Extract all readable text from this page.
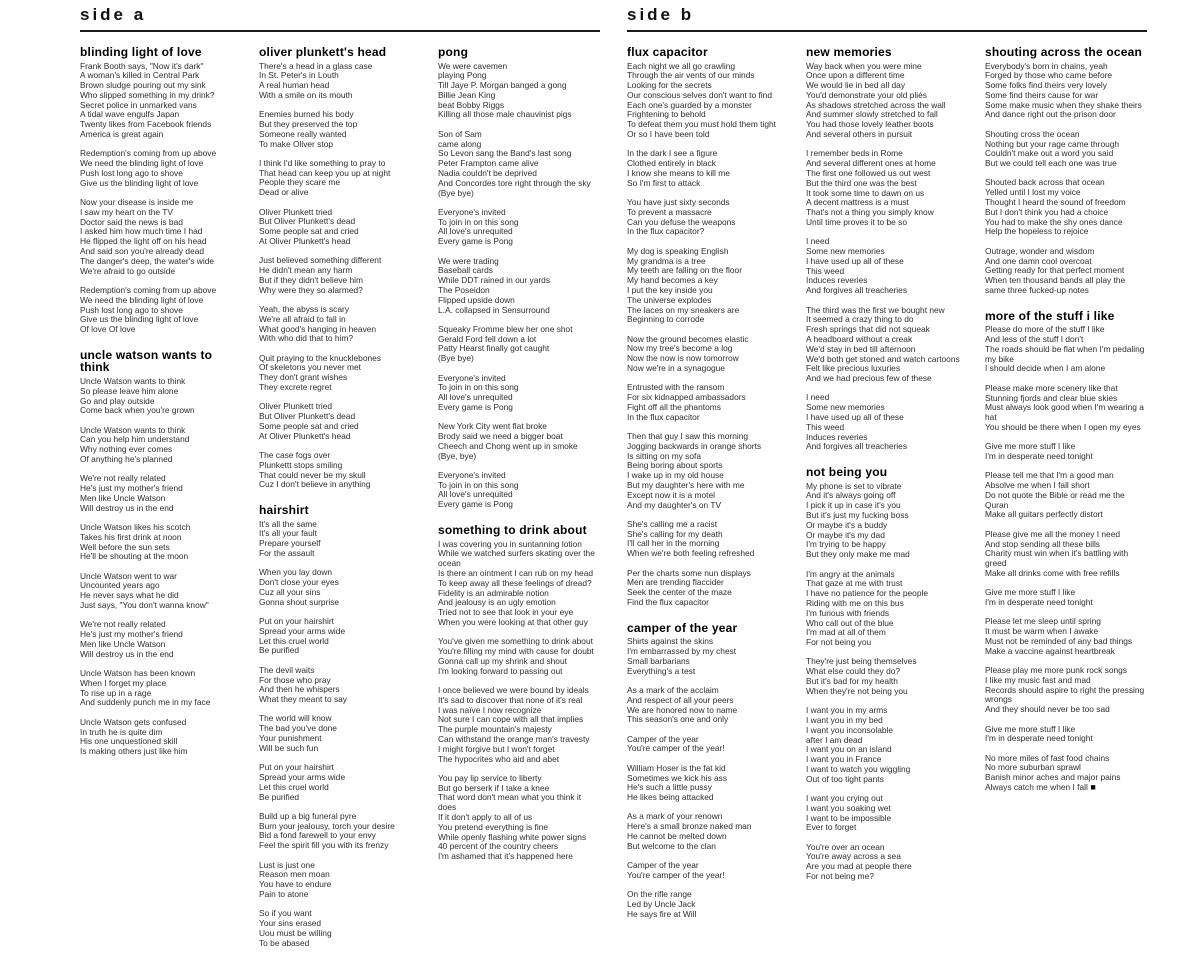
side a
blinding light of love

Frank Booth says, "Now it's dark"
A woman's killed in Central Park
Brown sludge pouring out my sink
Who slipped something in my drink?
Secret police in unmarked vans
A tidal wave engulfs Japan
Twenty likes from Facebook friends
America is great again

Redemption's coming from up above
We need the blinding light of love
Push lost long ago to shove
Give us the blinding light of love

Now your disease is inside me
I saw my heart on the TV
Doctor said the news is bad
I asked him how much time I had
He flipped the light off on his head
And said son you're already dead
The danger's deep, the water's wide
We're afraid to go outside

Redemption's coming from up above
We need the blinding light of love
Push lost long ago to shove
Give us the blinding light of love
Of love Of love

uncle watson wants to think

Uncle Watson wants to think
So please leave him alone
Go and play outside
Come back when you're grown

Uncle Watson wants to think
Can you help him understand
Why nothing ever comes
Of anything he's planned

We're not really related
He's just my mother's friend
Men like Uncle Watson
Will destroy us in the end

Uncle Watson likes his scotch
Takes his first drink at noon
Well before the sun sets
He'll be shouting at the moon

Uncle Watson went to war
Uncounted years ago
He never says what he did
Just says, "You don't wanna know"

We're not really related
He's just my mother's friend
Men like Uncle Watson
Will destroy us in the end

Uncle Watson has been known
When I forget my place
To rise up in a rage
And suddenly punch me in my face

Uncle Watson gets confused
In truth he is quite dim
His one unquestioned skill
Is making others just like him

oliver plunkett's head

There's a head in a glass case
In St. Peter's in Louth
A real human head
With a smile on its mouth

Enemies burned his body
But they preserved the top
Someone really wanted
To make Oliver stop

I think I'd like something to pray to
That head can keep you up at night
People they scare me
Dead or alive

Oliver Plunkett tried
But Oliver Plunkett's dead
Some people sat and cried
At Oliver Plunkett's head

Just believed something different
He didn't mean any harm
But if they didn't believe him
Why were they so alarmed?

Yeah, the abyss is scary
We're all afraid to fall in
What good's hanging in heaven
With who did that to him?

Quit praying to the knucklebones
Of skeletons you never met
They don't grant wishes
They excrete regret

Oliver Plunkett tried
But Oliver Plunkett's dead
Some people sat and cried
At Oliver Plunkett's head

The case fogs over
Plunkettt stops smiling
That could never be my skull
Cuz I don't believe in anything

hairshirt

It's all the same
It's all your fault
Prepare yourself
For the assault

When you lay down
Don't close your eyes
Cuz all your sins
Gonna shout surprise

Put on your hairshirt
Spread your arms wide
Let this cruel world
Be purified

The devil waits
For those who pray
And then he whispers
What they meant to say

The world will know
The bad you've done
Your punishment
Will be such fun

Put on your hairshirt
Spread your arms wide
Let this cruel world
Be purified

Build up a big funeral pyre
Burn your jealousy, torch your desire
Bid a fond farewell to your envy
Feel the spirit fill you with its frenzy

Lust is just one
Reason men moan
You have to endure
Pain to atone

So if you want
Your sins erased
Uou must be willing
To be abased

pong

We were cavemen
playing Pong
Till Jaye P. Morgan banged a gong
Billie Jean King
beat Bobby Riggs
Killing all those male chauvinist pigs

Son of Sam
came along
So Levon sang the Band's last song
Peter Frampton came alive
Nadia couldn't be deprived
And Concordes tore right through the sky
(Bye bye)

Everyone's invited
To join in on this song
All love's unrequited
Every game is Pong

We were trading
Baseball cards
While DDT rained in our yards
The Poseidon
Flipped upside down
L.A. collapsed in Sensurround

Squeaky Fromme blew her one shot
Gerald Ford fell down a lot
Patty Hearst finally got caught
(Bye bye)

Everyone's invited
To join in on this song
All love's unrequited
Every game is Pong

New York City went flat broke
Brody said we need a bigger boat
Cheech and Chong went up in smoke
(Bye, bye)

Everyone's invited
To join in on this song
All love's unrequited
Every game is Pong

something to drink about

I was covering you in suntanning lotion
While we watched surfers skating over the ocean
Is there an ointment I can rub on my head
To keep away all these feelings of dread?
Fidelity is an admirable notion
And jealousy is an ugly emotion
Tried not to see that look in your eye
When you were looking at that other guy

You've given me something to drink about
You're filling my mind with cause for doubt
Gonna call up my shrink and shout
I'm looking forward to passing out

I once believed we were bound by ideals
It's sad to discover that none of it's real
I was naïve I now recognize
Not sure I can cope with all that implies
The purple mountain's majesty
Can withstand the orange man's travesty
I might forgive but I won't forget
The hypocrites who aid and abet

You pay lip service to liberty
But go berserk if I take a knee
That word don't mean what you think it does
If it don't apply to all of us
You pretend everything is fine
While openly flashing white power signs
40 percent of the country cheers
I'm ashamed that it's happened here

side b
flux capacitor

Each night we all go crawling
Through the air vents of our minds
Looking for the secrets
Our conscious selves don't want to find
Each one's guarded by a monster
Frightening to behold
To defeat them you must hold them tight
Or so I have been told

In the dark I see a figure
Clothed entirely in black
I know she means to kill me
So I'm first to attack

You have just sixty seconds
To prevent a massacre
Can you defuse the weapons
In the flux capacitor?

My dog is speaking English
My grandma is a tree
My teeth are falling on the floor
My hand becomes a key
I put the key inside you
The universe explodes
The laces on my sneakers are
Beginning to corrode

Now the ground becomes elastic
Now my tree's become a log
Now the now is now tomorrow
Now we're in a synagogue

Entrusted with the ransom
For six kidnapped ambassadors
Fight off all the phantoms
In the flux capacitor

Then that guy I saw this morning
Jogging backwards in orange shorts
Is sitting on my sofa
Being boring about sports
I wake up in my old house
But my daughter's here with me
Except now it is a motel
And my daughter's on TV

She's calling me a racist
She's calling for my death
I'll call her in the morning
When we're both feeling refreshed

Per the charts some nun displays
Men are trending flaccider
Seek the center of the maze
Find the flux capacitor

camper of the year

Shirts against the skins
I'm embarrassed by my chest
Small barbarians
Everything's a test

As a mark of the acclaim
And respect of all your peers
We are honored now to name
This season's one and only

Camper of the year
You're camper of the year!

William Hoser is the fat kid
Sometimes we kick his ass
He's such a little pussy
He likes being attacked

As a mark of your renown
Here's a small bronze naked man
He cannot be melted down
But welcome to the clan

Camper of the year
You're camper of the year!

On the rifle range
Led by Uncle Jack
He says fire at Will

new memories

Way back when you were mine
Once upon a different time
We would lie in bed all day
You'd demonstrate your old pliés
As shadows stretched across the wall
And summer slowly stretched to fall
You had those lovely leather boots
And several others in pursuit

I remember beds in Rome
And several different ones at home
The first one followed us out west
But the third one was the best
It took some time to dawn on us
A decent mattress is a must
That's not a thing you simply know
Until time proves it to be so

I need
Some new memories
I have used up all of these
This weed
Induces reveries
And forgives all treacheries

The third was the first we bought new
It seemed a crazy thing to do
Fresh springs that did not squeak
A headboard without a creak
We'd stay in bed till afternoon
We'd both get stoned and watch cartoons
Felt like precious luxuries
And we had precious few of these

I need
Some new memories
I have used up all of these
This weed
Induces reveries
And forgives all treacheries

not being you

My phone is set to vibrate
And it's always going off
I pick it up in case it's you
But it's just my fucking boss
Or maybe it's a buddy
Or maybe it's my dad
I'm trying to be happy
But they only make me mad

I'm angry at the animals
That gaze at me with trust
I have no patience for the people
Riding with me on this bus
I'm furious with friends
Who call out of the blue
I'm mad at all of them
For not being you

They're just being themselves
What else could they do?
But it's bad for my health
When they're not being you

I want you in my arms
I want you in my bed
I want you inconsolable
after I am dead
I want you on an island
I want you in France
I want to watch you wiggling
Out of too tight pants

I want you crying out
I want you soaking wet
I want to be impossible
Ever to forget

You're over an ocean
You're away across a sea
Are you mad at people there
For not being me?

shouting across the ocean

Everybody's born in chains, yeah
Forged by those who came before
Some folks find theirs very lovely
Some find theirs cause for war
Some make music when they shake theirs
And dance right out the prison door

Shouting cross the ocean
Nothing but your rage came through
Couldn't make out a word you said
But we could tell each one was true

Shouted back across that ocean
Yelled until I lost my voice
Thought I heard the sound of freedom
But I don't think you had a choice
You had to make the shy ones dance
Help the hopeless to rejoice

Outrage, wonder and wisdom
And one damn cool overcoat
Getting ready for that perfect moment
When ten thousand bands all play the same three fucked-up notes

more of the stuff i like

Please do more of the stuff I like
And less of the stuff I don't
The roads should be flat when I'm pedaling my bike
I should decide when I am alone

Please make more scenery like that
Stunning fjords and clear blue skies
Must always look good when I'm wearing a hat
You should be there when I open my eyes

Give me more stuff I like
I'm in desperate need tonight

Please tell me that I'm a good man
Absolve me when I fall short
Do not quote the Bible or read me the Quran
Make all guitars perfectly distort

Please give me all the money I need
And stop sending all these bills
Charity must win when it's battling with greed
Make all drinks come with free refills

Give me more stuff I like
I'm in desperate need tonight

Please let me sleep until spring
It must be warm when I awake
Must not be reminded of any bad things
Make a vaccine against heartbreak

Please play me more punk rock songs
I like my music fast and mad
Records should aspire to right the pressing wrongs
And they should never be too sad

Give me more stuff I like
I'm in desperate need tonight

No more miles of fast food chains
No more suburban sprawl
Banish minor aches and major pains
Always catch me when I fall ■
